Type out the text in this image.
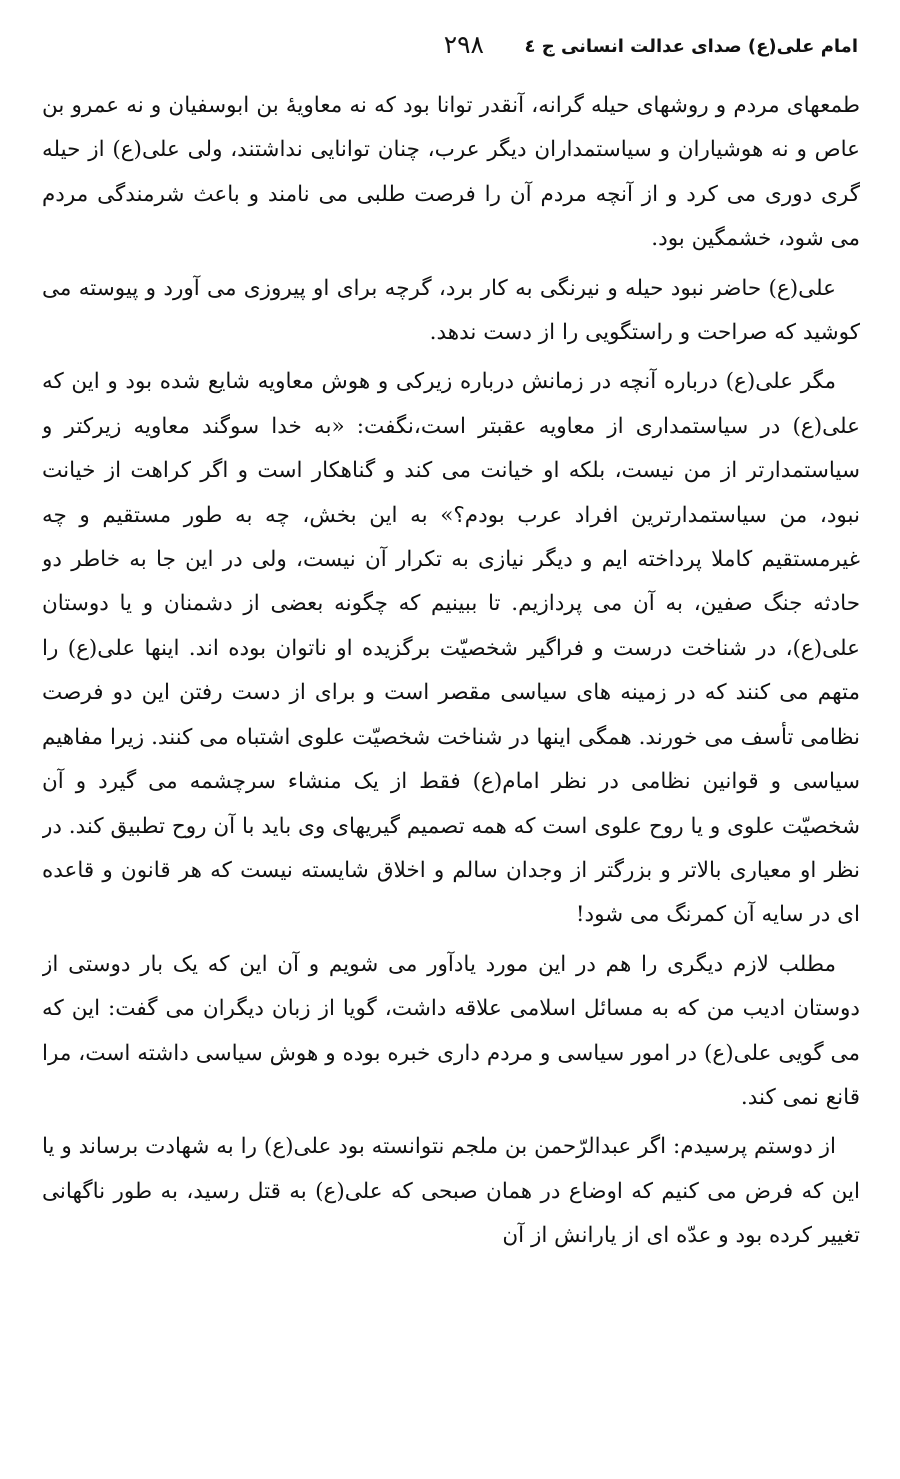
امام علی(ع) صدای عدالت انسانی ج ٤
۲۹۸

طمعهای مردم و روشهای حیله گرانه، آنقدر توانا بود که نه معاویهٔ بن ابوسفیان و نه عمرو بن عاص و نه هوشیاران و سیاستمداران دیگر عرب، چنان توانایی نداشتند، ولی علی(ع) از حیله گری دوری می کرد و از آنچه مردم آن را فرصت طلبی می نامند و باعث شرمندگی مردم می شود، خشمگین بود.

علی(ع) حاضر نبود حیله و نیرنگی به کار برد، گرچه برای او پیروزی می آورد و پیوسته می کوشید که صراحت و راستگویی را از دست ندهد.

مگر علی(ع) درباره آنچه در زمانش درباره زیرکی و هوش معاویه شایع شده بود و این که علی(ع) در سیاستمداری از معاویه عقبتر است،نگفت: «به خدا سوگند معاویه زیرکتر و سیاستمدارتر از من نیست، بلکه او خیانت می کند و گناهکار است و اگر کراهت از خیانت نبود، من سیاستمدارترین افراد عرب بودم؟» به این بخش، چه به طور مستقیم و چه غیرمستقیم کاملا پرداخته ایم و دیگر نیازی به تکرار آن نیست، ولی در این جا به خاطر دو حادثه جنگ صفین، به آن می پردازیم. تا ببینیم که چگونه بعضی از دشمنان و یا دوستان علی(ع)، در شناخت درست و فراگیر شخصیّت برگزیده او ناتوان بوده اند. اینها علی(ع) را متهم می کنند که در زمینه های سیاسی مقصر است و برای از دست رفتن این دو فرصت نظامی تأسف می خورند. همگی اینها در شناخت شخصیّت علوی اشتباه می کنند. زیرا مفاهیم سیاسی و قوانین نظامی در نظر امام(ع) فقط از یک منشاء سرچشمه می گیرد و آن شخصیّت علوی و یا روح علوی است که همه تصمیم گیریهای وی باید با آن روح تطبیق کند. در نظر او معیاری بالاتر و بزرگتر از وجدان سالم و اخلاق شایسته نیست که هر قانون و قاعده ای در سایه آن کمرنگ می شود!

مطلب لازم دیگری را هم در این مورد یادآور می شویم و آن این که یک بار دوستی از دوستان ادیب من که به مسائل اسلامی علاقه داشت، گویا از زبان دیگران می گفت: این که می گویی علی(ع) در امور سیاسی و مردم داری خبره بوده و هوش سیاسی داشته است، مرا قانع نمی کند.

از دوستم پرسیدم: اگر عبدالرّحمن بن ملجم نتوانسته بود علی(ع) را به شهادت برساند و یا این که فرض می کنیم که اوضاع در همان صبحی که علی(ع) به قتل رسید، به طور ناگهانی تغییر کرده بود و عدّه ای از یارانش از آن
